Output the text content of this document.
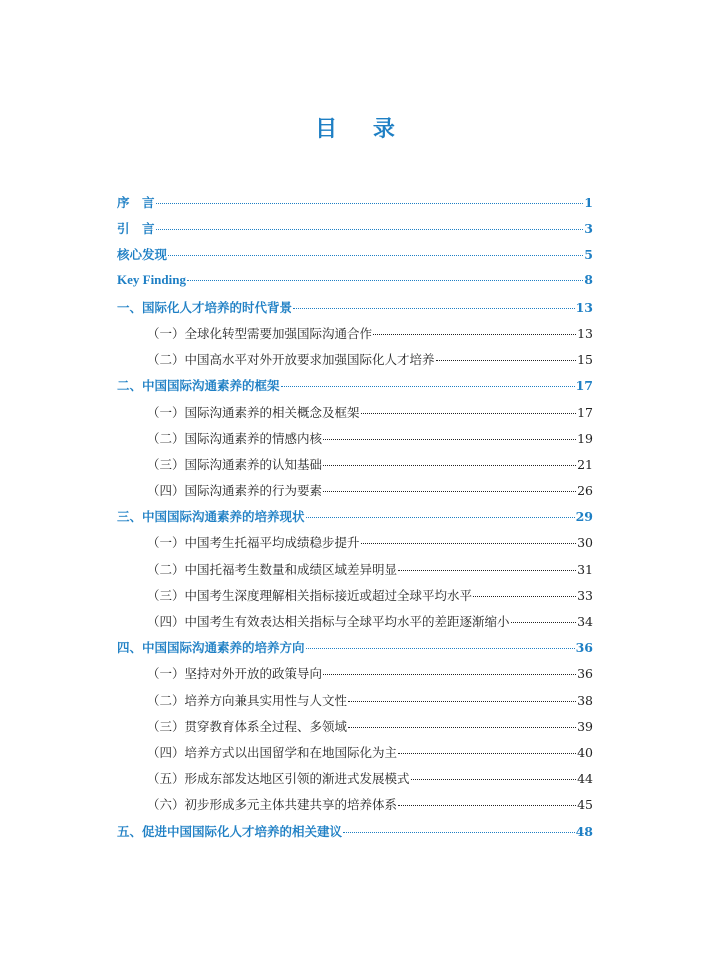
目 录
序　言	1
引　言	3
核心发现	5
Key Finding	8
一、国际化人才培养的时代背景	13
（一）全球化转型需要加强国际沟通合作	13
（二）中国高水平对外开放要求加强国际化人才培养	15
二、中国国际沟通素养的框架	17
（一）国际沟通素养的相关概念及框架	17
（二）国际沟通素养的情感内核	19
（三）国际沟通素养的认知基础	21
（四）国际沟通素养的行为要素	26
三、中国国际沟通素养的培养现状	29
（一）中国考生托福平均成绩稳步提升	30
（二）中国托福考生数量和成绩区域差异明显	31
（三）中国考生深度理解相关指标接近或超过全球平均水平	33
（四）中国考生有效表达相关指标与全球平均水平的差距逐渐缩小	34
四、中国国际沟通素养的培养方向	36
（一）坚持对外开放的政策导向	36
（二）培养方向兼具实用性与人文性	38
（三）贯穿教育体系全过程、多领域	39
（四）培养方式以出国留学和在地国际化为主	40
（五）形成东部发达地区引领的渐进式发展模式	44
（六）初步形成多元主体共建共享的培养体系	45
五、促进中国国际化人才培养的相关建议	48
